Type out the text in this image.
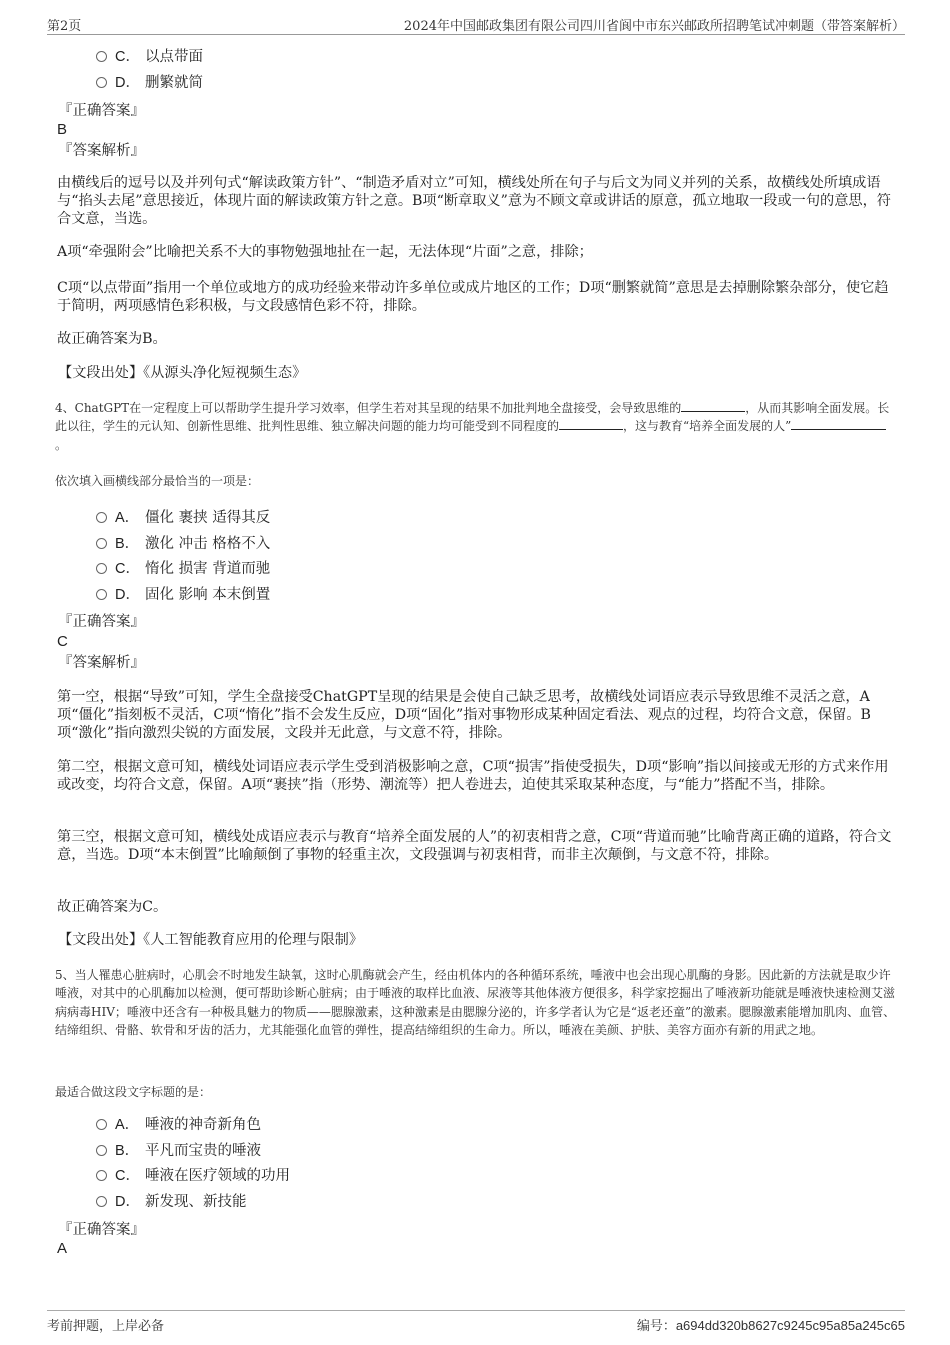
第2页	2024年中国邮政集团有限公司四川省阆中市东兴邮政所招聘笔试冲刺题（带答案解析）
C． 以点带面
D． 删繁就简
『正确答案』
B
『答案解析』

由横线后的逗号以及并列句式“解读政策方针”、“制造矛盾对立”可知，横线处所在句子与后文为同义并列的关系，故横线处所填成语与“掐头去尾”意思接近，体现片面的解读政策方针之意。B项“断章取义”意为不顾文章或讲话的原意，孤立地取一段或一句的意思，符合文意，当选。

A项“牵强附会”比喻把关系不大的事物勉强地扯在一起，无法体现“片面”之意，排除；

C项“以点带面”指用一个单位或地方的成功经验来带动许多单位或成片地区的工作；D项“删繁就简”意思是去掉删除繁杂部分，使它趋于简明，两项感情色彩积极，与文段感情色彩不符，排除。

故正确答案为B。

【文段出处】《从源头净化短视频生态》

4、ChatGPT在一定程度上可以帮助学生提升学习效率，但学生若对其呈现的结果不加批判地全盘接受，会导致思维的	，从而其影响全面发展。长此以往，学生的元认知、创新性思维、批判性思维、独立解决问题的能力均可能受到不同程度的	，这与教育“培养全面发展的人”。

依次填入画横线部分最恰当的一项是：

A． 僵化 裹挟 适得其反
B． 激化 冲击 格格不入
C． 惰化 损害 背道而驰
D． 固化 影响 本末倒置
『正确答案』
C
『答案解析』

第一空，根据“导致”可知，学生全盘接受ChatGPT呈现的结果是会使自己缺乏思考，故横线处词语应表示导致思维不灵活之意，A项“僵化”指刻板不灵活，C项“惰化”指不会发生反应，D项“固化”指对事物形成某种固定看法、观点的过程，均符合文意，保留。B项“激化”指向激烈尖锐的方面发展，文段并无此意，与文意不符，排除。

第二空，根据文意可知，横线处词语应表示学生受到消极影响之意，C项“损害”指使受损失，D项“影响”指以间接或无形的方式来作用或改变，均符合文意，保留。A项“裹挟”指（形势、潮流等）把人卷进去，迫使其采取某种态度，与“能力”搭配不当，排除。

第三空，根据文意可知，横线处成语应表示与教育“培养全面发展的人”的初衷相背之意，C项“背道而驰”比喻背离正确的道路，符合文意，当选。D项“本末倒置”比喻颠倒了事物的轻重主次，文段强调与初衷相背，而非主次颠倒，与文意不符，排除。

故正确答案为C。

【文段出处】《人工智能教育应用的伦理与限制》

5、当人罹患心脏病时，心肌会不时地发生缺氧，这时心肌酶就会产生，经由机体内的各种循环系统，唾液中也会出现心肌酶的身影。因此新的方法就是取少许唾液，对其中的心肌酶加以检测，便可帮助诊断心脏病；由于唾液的取样比血液、尿液等其他体液方便很多，科学家挖掘出了唾液新功能就是唾液快速检测艾滋病病毒HIV；唾液中还含有一种极具魅力的物质——腮腺激素，这种激素是由腮腺分泌的，许多学者认为它是“返老还童”的激素。腮腺激素能增加肌肉、血管、结缔组织、骨骼、软骨和牙齿的活力，尤其能强化血管的弹性，提高结缔组织的生命力。所以，唾液在美颜、护肤、美容方面亦有新的用武之地。

最适合做这段文字标题的是：

A． 唾液的神奇新角色
B． 平凡而宝贵的唾液
C． 唾液在医疗领域的功用
D． 新发现、新技能
『正确答案』
A
考前押题，上岸必备	编号：a694dd320b8627c9245c95a85a245c65
